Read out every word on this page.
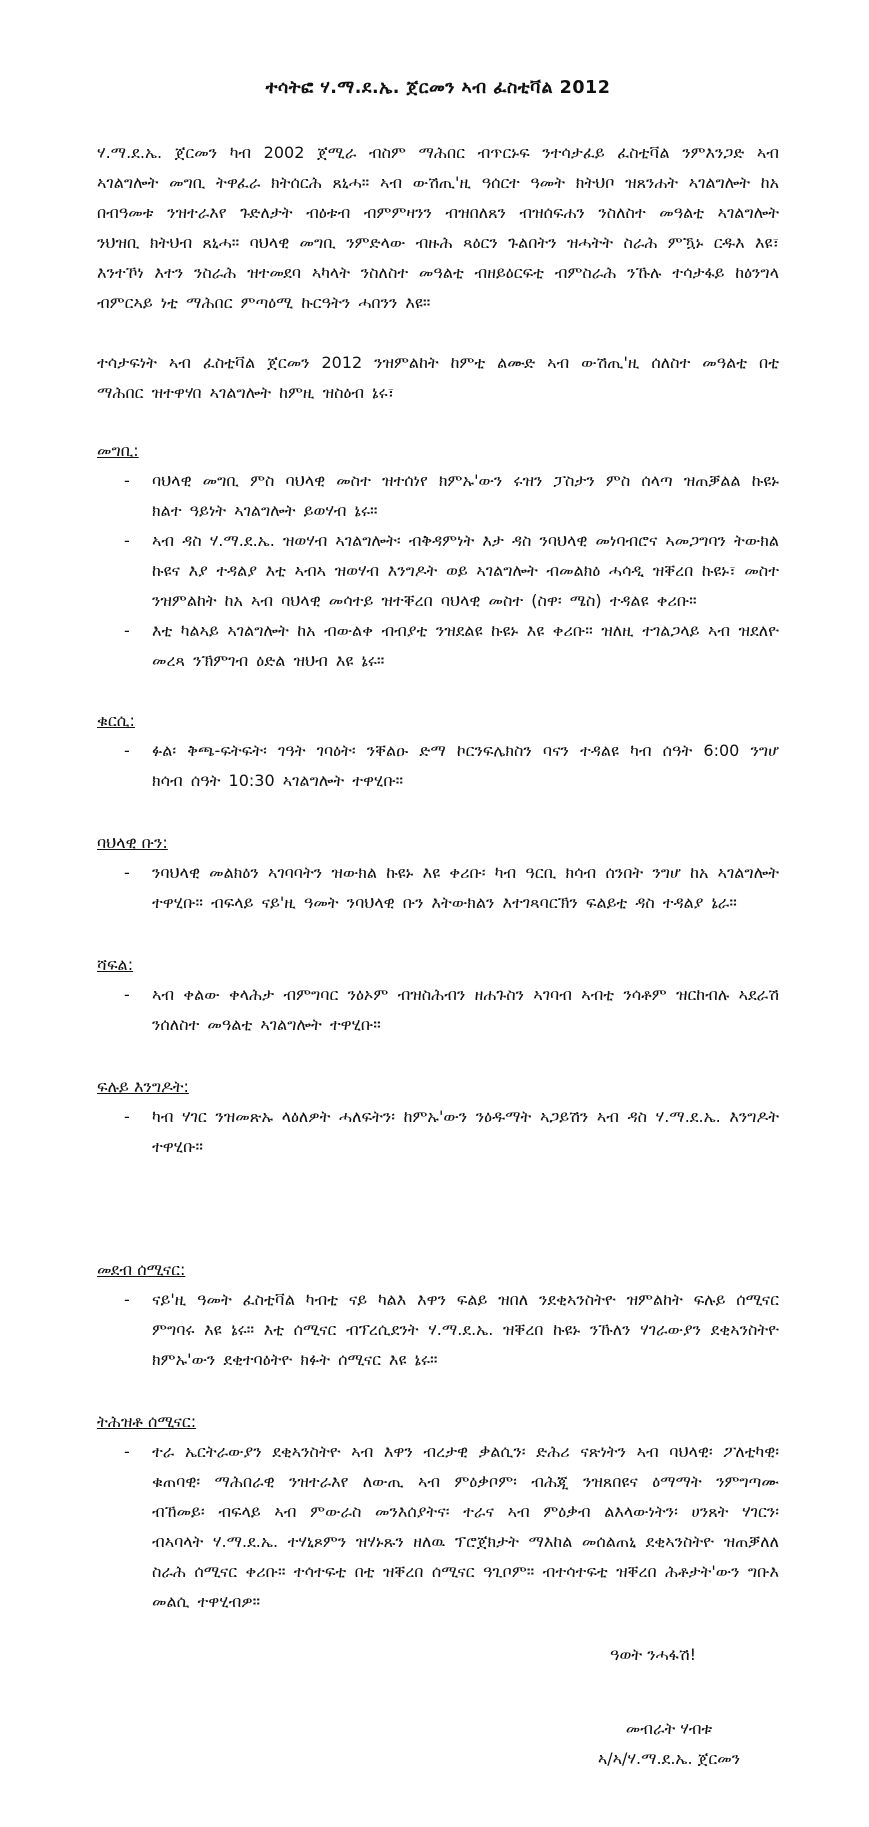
ተሳትፎ ሃ.ማ.ደ.ኤ. ጀርመን ኣብ ፈስቲቫል 2012

ሃ.ማ.ደ.ኤ. ጀርመን ካብ 2002 ጀሚራ ብስም ማሕበር ብጥርኑፍ ንተሳታፈይ ፈስቲቫል ንምእንጋድ ኣብ ኣገልግሎት መግቢ ትዋፈራ ክትሰርሕ ጸኒሓ። ኣብ ውሽጢ'ዚ ዓሰርተ ዓመት ክትህቦ ዝጸንሐት ኣገልግሎት ከአ በብዓመቱ ንዝተራእየ ጉድለታት ብዕቱብ ብምምዛንን ብዝበለጸን ብዝሰፍሐን ንስለስተ መዓልቲ ኣገልግሎት ንህዝቢ ክትህብ ጸኒሓ። ባህላዊ መግቢ ንምድላው ብዙሕ ጻዕርን ጉልበትን ዝሓትት ስራሕ ምዃኑ ርዱእ እዩ፣ እንተኾነ እተን ንስራሕ ዝተመደባ ኣካላት ንስለስተ መዓልቲ ብዘይዕርፍቲ ብምስራሕ ንኹሉ ተሳታፋይ ከዕንግላ ብምርኣይ ነቲ ማሕበር ምጣዕሚ ኩርዓትን ሓበንን እዩ።

ተሳታፍነት ኣብ ፈስቲቫል ጀርመን 2012 ንዝምልከት ከምቲ ልሙድ ኣብ ውሽጢ'ዚ ሰለስተ መዓልቲ በቲ ማሕበር ዝተዋሃበ ኣገልግሎት ከምዚ ዝስዕብ ኔሩ፣

መግቢ:
- ባህላዊ መግቢ ምስ ባህላዊ መስተ ዝተሰነየ ክምኡ'ውን ሩዝን ፓስታን ምስ ሰላጣ ዝጠቓልል ኩዩኑ ክልተ ዓይነት ኣገልግሎት ይወሃብ ኔሩ።
- ኣብ ዳስ ሃ.ማ.ደ.ኤ. ዝወሃብ ኣገልግሎት፡ ብቅዳምነት እታ ዳስ ንባህላዊ መነባብሮና ኣመጋግባን ትውክል ኩዩና እያ ተዳልያ እቲ ኣብኣ ዝወሃብ እንግዶት ወይ ኣገልግሎት ብመልክዕ ሓሳዲ ዝቐረበ ኩዩኑ፣ መስተ ንዝምልከት ከአ ኣብ ባህላዊ መሳተይ ዝተቐረበ ባህላዊ መስተ (ስዋ፡ ሜስ) ተዳልዩ ቀሪቡ።
- እቲ ካልኣይ ኣገልግሎት ከአ ብውልቀ ብብያቲ ንዝደልዩ ኩዩኑ እዩ ቀሪቡ። ዝለዚ ተገልጋላይ ኣብ ዝደለዮ መረጻ ንኽምገብ ዕድል ዝህብ እዩ ኔሩ።
ቁርሲ:
- ፉል፡ ቅጫ-ፍትፍት፡ ገዓት ገባዕት፡ ንቐልዑ ድማ ኮርንፍሌክስን ባናን ተዳልዩ ካብ ሰዓት 6:00 ንግሆ ክሳብ ሰዓት 10:30 ኣገልግሎት ተዋሂቡ።
ባህላዊ ቡን:
- ንባህላዊ መልክዕን ኣገባባትን ዝውክል ኩዩኑ እዩ ቀሪቡ፡ ካብ ዓርቢ ክሳብ ሰንበት ንግሆ ከአ ኣገልግሎት ተዋሂቡ። ብፍላይ ናይ'ዚ ዓመት ንባህላዊ ቡን እትውክልን እተገጻባርኽን ፍልይቲ ዳስ ተዳልያ ኔራ።
ሻፍል:
- ኣብ ቀልው ቀላሕታ ብምግባር ንዕኦም ብዝስሕብን ዘሐጉስን ኣገባብ ኣብቲ ንሳቶም ዝርከብሉ ኣደራሽ ንሰለስተ መዓልቲ ኣገልግሎት ተዋሂቡ።
ፍሉይ እንግዶት:
- ካብ ሃገር ንዝመጽኡ ላዕለዎት ሓለፍትን፡ ከምኡ'ውን ንዕዱማት ኣጋይሽን ኣብ ዳስ ሃ.ማ.ደ.ኤ. እንግዶት ተዋሂቡ።
መደብ ሰሚናር:
- ናይ'ዚ ዓመት ፈስቲቫል ካብቲ ናይ ካልእ እዋን ፍልይ ዝበለ ንደቂኣንስትዮ ዝምልከት ፍሉይ ሰሚናር ምግባሩ እዩ ኔሩ። እቲ ሰሚናር ብፕረሲደንት ሃ.ማ.ደ.ኤ. ዝቐረበ ኩዩኑ ንኹለን ሃገራውያን ደቂኣንስትዮ ክምኡ'ውን ደቂተባዕትዮ ክፉት ሰሚናር እዩ ኔሩ።
ትሕዝቶ ሰሚናር:
- ተራ ኤርትራውያን ደቂኣንስትዮ ኣብ እዋን ብረታዊ ቃልሲን፡ ድሕሪ ናጽነትን ኣብ ባህላዊ፡ ፖለቲካዊ፡ ቁጠባዊ፡ ማሕበራዊ ንዝተራእየ ለውጢ ኣብ ምዕቃቦም፡ ብሕጂ ንዝጸበዩና ዕማማት ንምግጣሙ ብኸመይ፡ ብፍላይ ኣብ ምውራስ መንእሰያትና፡ ተራና ኣብ ምዕቃብ ልእላውነትን፡ ሀንጸት ሃገርን፡ ብኣባላት ሃ.ማ.ደ.ኤ. ተሃኒጾምን ዝሃኑጹን ዘለዉ ፕሮጀክታት ማእከል መሰልጠኒ ደቂኣንስትዮ ዝጠቓለለ ስራሕ ሰሚናር ቀሪቡ። ተሳተፍቲ በቲ ዝቐረበ ሰሚናር ዓጊቦም። ብተሳተፍቲ ዝቐረበ ሕቶታት'ውን ግቡእ መልሲ ተዋሂብዎ።
ዓወት ንሓፋሽ!
መብራት ሃብቱ
ኣ/ኣ/ሃ.ማ.ደ.ኤ. ጀርመን
